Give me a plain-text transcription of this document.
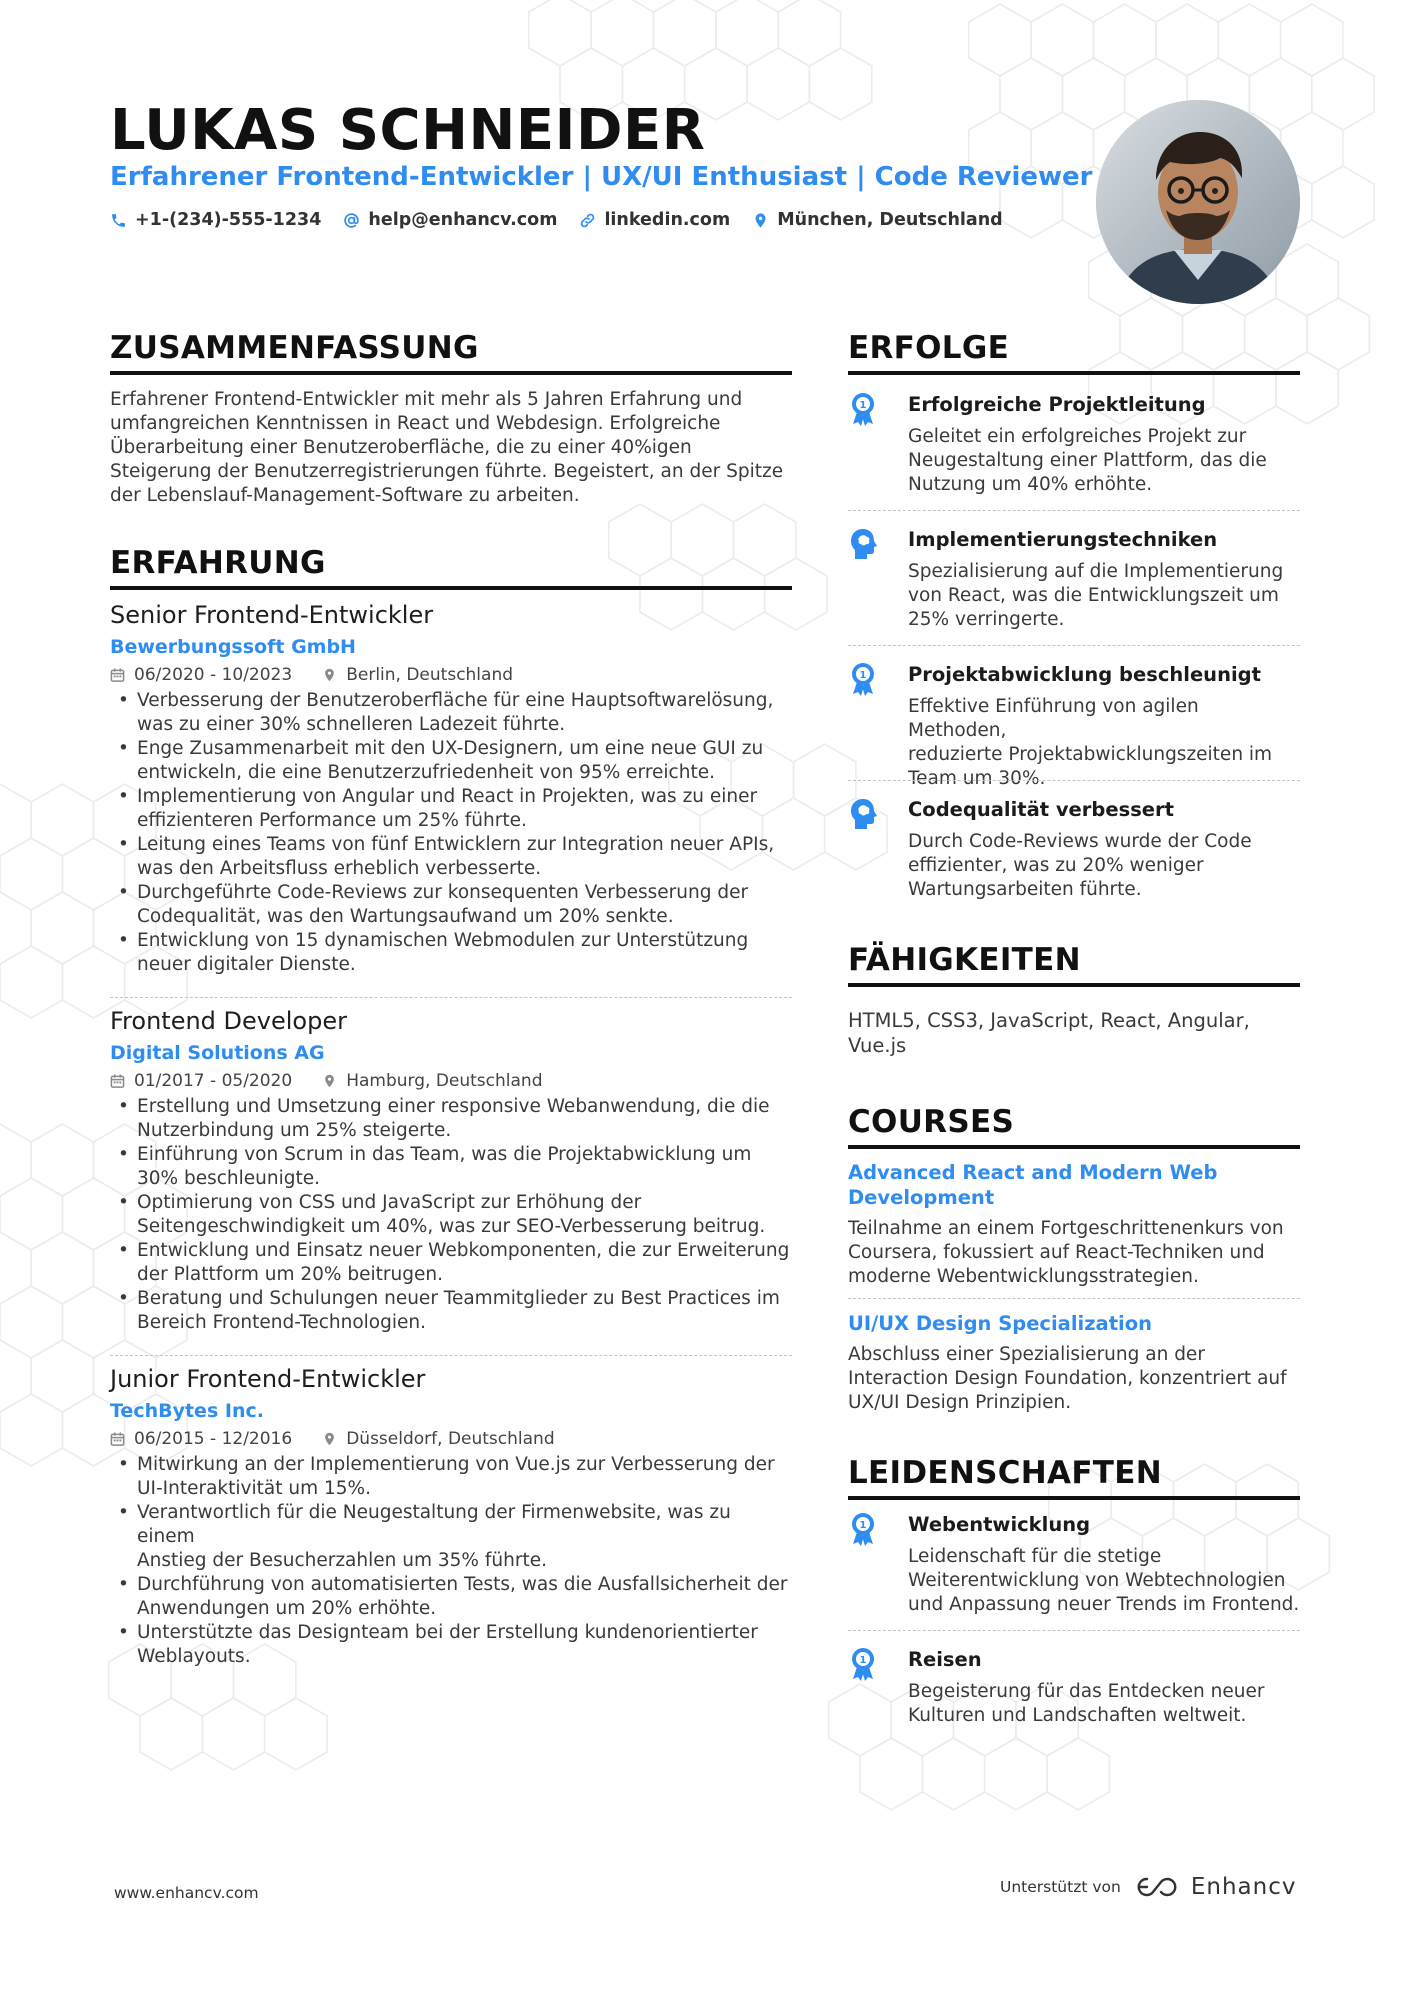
LUKAS SCHNEIDER
Erfahrener Frontend-Entwickler | UX/UI Enthusiast | Code Reviewer
+1-(234)-555-1234	help@enhancv.com	linkedin.com	München, Deutschland
ZUSAMMENFASSUNG
Erfahrener Frontend-Entwickler mit mehr als 5 Jahren Erfahrung und
umfangreichen Kenntnissen in React und Webdesign. Erfolgreiche
Überarbeitung einer Benutzeroberfläche, die zu einer 40%igen
Steigerung der Benutzerregistrierungen führte. Begeistert, an der Spitze
der Lebenslauf-Management-Software zu arbeiten.
ERFAHRUNG
Senior Frontend-Entwickler
Bewerbungssoft GmbH
06/2020 - 10/2023	Berlin, Deutschland
• Verbesserung der Benutzeroberfläche für eine Hauptsoftwarelösung,
was zu einer 30% schnelleren Ladezeit führte.
• Enge Zusammenarbeit mit den UX-Designern, um eine neue GUI zu
entwickeln, die eine Benutzerzufriedenheit von 95% erreichte.
• Implementierung von Angular und React in Projekten, was zu einer
effizienteren Performance um 25% führte.
• Leitung eines Teams von fünf Entwicklern zur Integration neuer APIs,
was den Arbeitsfluss erheblich verbesserte.
• Durchgeführte Code-Reviews zur konsequenten Verbesserung der
Codequalität, was den Wartungsaufwand um 20% senkte.
• Entwicklung von 15 dynamischen Webmodulen zur Unterstützung
neuer digitaler Dienste.
Frontend Developer
Digital Solutions AG
01/2017 - 05/2020	Hamburg, Deutschland
• Erstellung und Umsetzung einer responsive Webanwendung, die die
Nutzerbindung um 25% steigerte.
• Einführung von Scrum in das Team, was die Projektabwicklung um
30% beschleunigte.
• Optimierung von CSS und JavaScript zur Erhöhung der
Seitengeschwindigkeit um 40%, was zur SEO-Verbesserung beitrug.
• Entwicklung und Einsatz neuer Webkomponenten, die zur Erweiterung
der Plattform um 20% beitrugen.
• Beratung und Schulungen neuer Teammitglieder zu Best Practices im
Bereich Frontend-Technologien.
Junior Frontend-Entwickler
TechBytes Inc.
06/2015 - 12/2016	Düsseldorf, Deutschland
• Mitwirkung an der Implementierung von Vue.js zur Verbesserung der
UI-Interaktivität um 15%.
• Verantwortlich für die Neugestaltung der Firmenwebsite, was zu einem
Anstieg der Besucherzahlen um 35% führte.
• Durchführung von automatisierten Tests, was die Ausfallsicherheit der
Anwendungen um 20% erhöhte.
• Unterstützte das Designteam bei der Erstellung kundenorientierter
Weblayouts.
ERFOLGE
1 Erfolgreiche Projektleitung
Geleitet ein erfolgreiches Projekt zur
Neugestaltung einer Plattform, das die
Nutzung um 40% erhöhte.
Implementierungstechniken
Spezialisierung auf die Implementierung
von React, was die Entwicklungszeit um
25% verringerte.
1 Projektabwicklung beschleunigt
Effektive Einführung von agilen Methoden,
reduzierte Projektabwicklungszeiten im
Team um 30%.
Codequalität verbessert
Durch Code-Reviews wurde der Code
effizienter, was zu 20% weniger
Wartungsarbeiten führte.
FÄHIGKEITEN
HTML5, CSS3, JavaScript, React, Angular,
Vue.js
COURSES
Advanced React and Modern Web
Development
Teilnahme an einem Fortgeschrittenenkurs von
Coursera, fokussiert auf React-Techniken und
moderne Webentwicklungsstrategien.
UI/UX Design Specialization
Abschluss einer Spezialisierung an der
Interaction Design Foundation, konzentriert auf
UX/UI Design Prinzipien.
LEIDENSCHAFTEN
1 Webentwicklung
Leidenschaft für die stetige
Weiterentwicklung von Webtechnologien
und Anpassung neuer Trends im Frontend.
1 Reisen
Begeisterung für das Entdecken neuer
Kulturen und Landschaften weltweit.
www.enhancv.com	Unterstützt von	Enhancv
